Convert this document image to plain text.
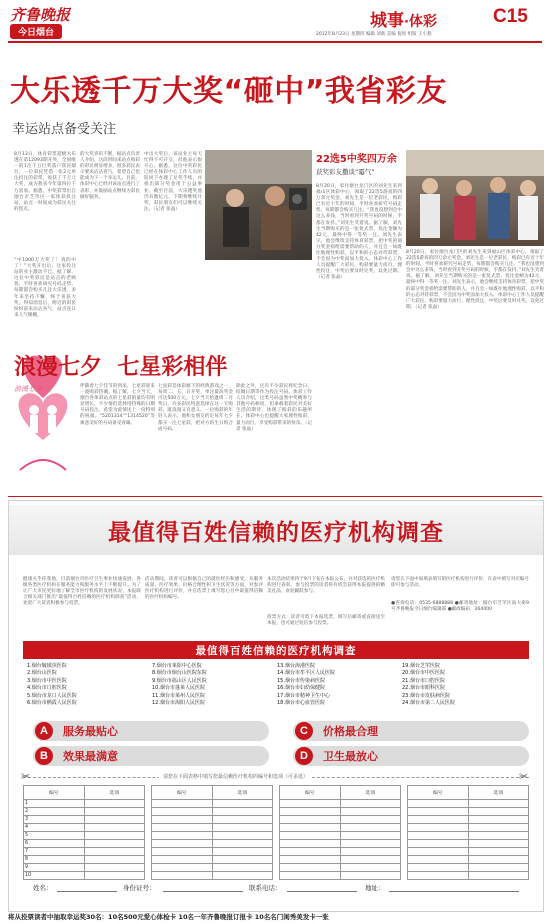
齐鲁晚报
今日烟台
城事·体彩	C15
2012年8月23日 星期四 编辑 刘新 美编 倪瑶 组版 王小燕
大乐透千万大奖“砸中”我省彩友
幸运站点备受关注
8月13日，体育彩票超级大乐透在第12093期开奖，全国唯一的1注千万巨奖落户我省烟台，一位彩民凭借一张2元单注投注的彩票，收获了千万元大奖，成为我省今年第四位千万富翁。据悉，中奖彩票出自烟台市芝罘区一家体彩投注站，站点一时间成为彩民关注的焦点。
“中1000万大奖了！真的中了！”大奖开出后，这家投注站的业主激动不已。据了解，这位中奖彩民是站点的老顾客，平时喜欢研究号码走势，每期都会购买几注大乐透，多年来坚持不懈，终于喜获大奖。得知消息后，附近的彩民纷纷前来沾沾喜气，站点连日来人气爆棚。
的大奖喜讯不断，据站点负责人介绍，这段时间来站点购彩的彩民明显增多，很多彩民表示要来沾沾喜气，希望自己也能成为下一个幸运儿。目前，体彩中心已经对该站点进行了表彰，并鼓励站点继续为彩民做好服务。
中出大奖后，该站业主每天忙得不可开交，但他表示很开心。据悉，这位中奖彩民已经在体彩中心工作人员的陪同下办理了兑奖手续，并捐出部分奖金用于公益事业。截至目前，大乐透奖池仍有数亿元，下期将继续开奖，彩民朋友们可以继续关注。（记者 张晶）
22选5中奖四万余
获奖彩友撒谈“霉气”
8月20日，家住烟台龙门区的刘先生来到福山区体彩中心，领取了22选5游戏的四万余元奖金。刘先生是一位老彩民，购彩已有近十年的时间，平时喜欢研究号码走势，每期都会购买几注。“我也没想到会中这么多钱，当时看到开奖号码的时候，手都在发抖。”刘先生笑着说。据了解，刘先生当期购买的是一张复式票，投注金额为42元，最终中得一等奖一注。刘先生表示，他会继续支持体育彩票，把中奖的部分奖金捐给需要帮助的人，并且会一如既往地理性购彩，以平和的心态对待彩票，不会因为中奖而加大投入。体彩中心工作人员提醒广大彩民，购彩要量力而行，理性投注，中奖后要及时兑奖，以免过期。（记者 张晶）
8月20日，家住烟台龙门区的刘先生来到福山区体彩中心，领取了22选5游戏的四万余元奖金。刘先生是一位老彩民，购彩已有近十年的时间，平时喜欢研究号码走势，每期都会购买几注。“我也没想到会中这么多钱，当时看到开奖号码的时候，手都在发抖。”刘先生笑着说。据了解，刘先生当期购买的是一张复式票，投注金额为42元，最终中得一等奖一注。刘先生表示，他会继续支持体育彩票，把中奖的部分奖金捐给需要帮助的人，并且会一如既往地理性购彩，以平和的心态对待彩票，不会因为中奖而加大投入。体彩中心工作人员提醒广大彩民，购彩要量力而行，理性投注，中奖后要及时兑奖，以免过期。（记者 张晶）
浪漫七夕
浪漫七夕  七星彩相伴
伴随着七夕佳节的到来，七星彩迎来一波购彩热潮。据了解，七夕当天，烟台各体彩站点的七星彩销量均有明显增长，不少情侣选择用特殊的日期号码投注，希望为爱情送上一份特别的祝福。“5201314”“1314520”等寓意美好的号码备受青睐。
七星彩是体彩旗下的经典游戏之一，每周二、五、日开奖，单注最高奖金可达500万元。七夕当天恰逢周二开奖日，许多彩民特意选择在这一天购彩，既浪漫又有意义。一位购彩的年轻人表示，他和女朋友约定每年七夕都买一注七星彩，把对方的生日组合成号码。
除此之外，还有不少彩民将纪念日、结婚日期等作为投注号码。体彩工作人员介绍，这类号码虽然中奖概率与其他号码相同，但承载着彩民对美好生活的期待，体现了购彩的乐趣所在。体彩中心也提醒大家理性购彩，量力而行，享受购彩带来的快乐。（记者 张晶）
最值得百姓信赖的医疗机构调查
健康关乎你我他，目前烟台市医疗卫生事业快速发展，各级各类医疗机构在服务能力和服务水平上不断提升。为了让广大市民更好地了解全市医疗机构的发展状况，本报联合相关部门推出“最值得百姓信赖的医疗机构调查”活动，欢迎广大读者积极参与投票。
活动期间，读者可以根据自己的就医经历和感受，从服务质量、医疗效果、价格合理性和卫生状况等方面，对参评医疗机构进行评价，并在选票上填写您心目中最值得信赖的医疗机构编号。
本次活动结果将于9月下旬在本报公布，并对获选的医疗机构进行表彰。参与投票的读者将有机会获得本报提供的精美礼品，欢迎踊跃参与。
投票方式：读者可剪下本报选票，填写后邮寄或直接送至本报，也可通过短信参与投票。
请您在下面中间填表填写的医疗机构进行评价，在表中填写对应编号即可参与活动。
●咨询电话：0535-6888888 ●邮寄地址：烟台市芝罘区南大街9号齐鲁晚报今日烟台编辑部 ●邮政编码：264000
最值得百姓信赖的医疗机构调查
1.烟台毓璜顶医院
2.烟台山医院
3.烟台市中医医院
4.烟台市口腔医院
5.烟台市龙口人民医院
6.烟台市栖霞人民医院
7.烟台市莱阳中心医院
8.烟台市烟台山医院东院
9.烟台市福山区人民医院
10.烟台市蓬莱人民医院
11.烟台市莱州人民医院
12.烟台市海阳人民医院
13.烟台海港医院
14.烟台市牟平区人民医院
15.烟台市传染病医院
16.烟台市妇幼保健院
17.烟台市精神卫生中心
18.烟台市心血管医院
19.烟台芝罘医院
20.烟台市中医医院
21.烟台市口腔医院
22.烟台市眼科医院
23.烟台市皮肤病医院
24.烟台市第二人民医院
A	服务最贴心
B	效果最满意
C	价格最合理
D	卫生最放心
✂	✂
请您在下面表格中填写您最信赖医疗机构的编号和选项（可多选）
编号	选项
1	
2	
3	
4	
5	
6	
7	
8	
9	
10	
编号	选项

		编号	选项

		编号	选项

姓名：	身份证号：	联系电话：	地址：
将从投票读者中抽取幸运奖30名：10名500元爱心体检卡 10名一年齐鲁晚报订报卡 10名名门闺秀美发卡一张
